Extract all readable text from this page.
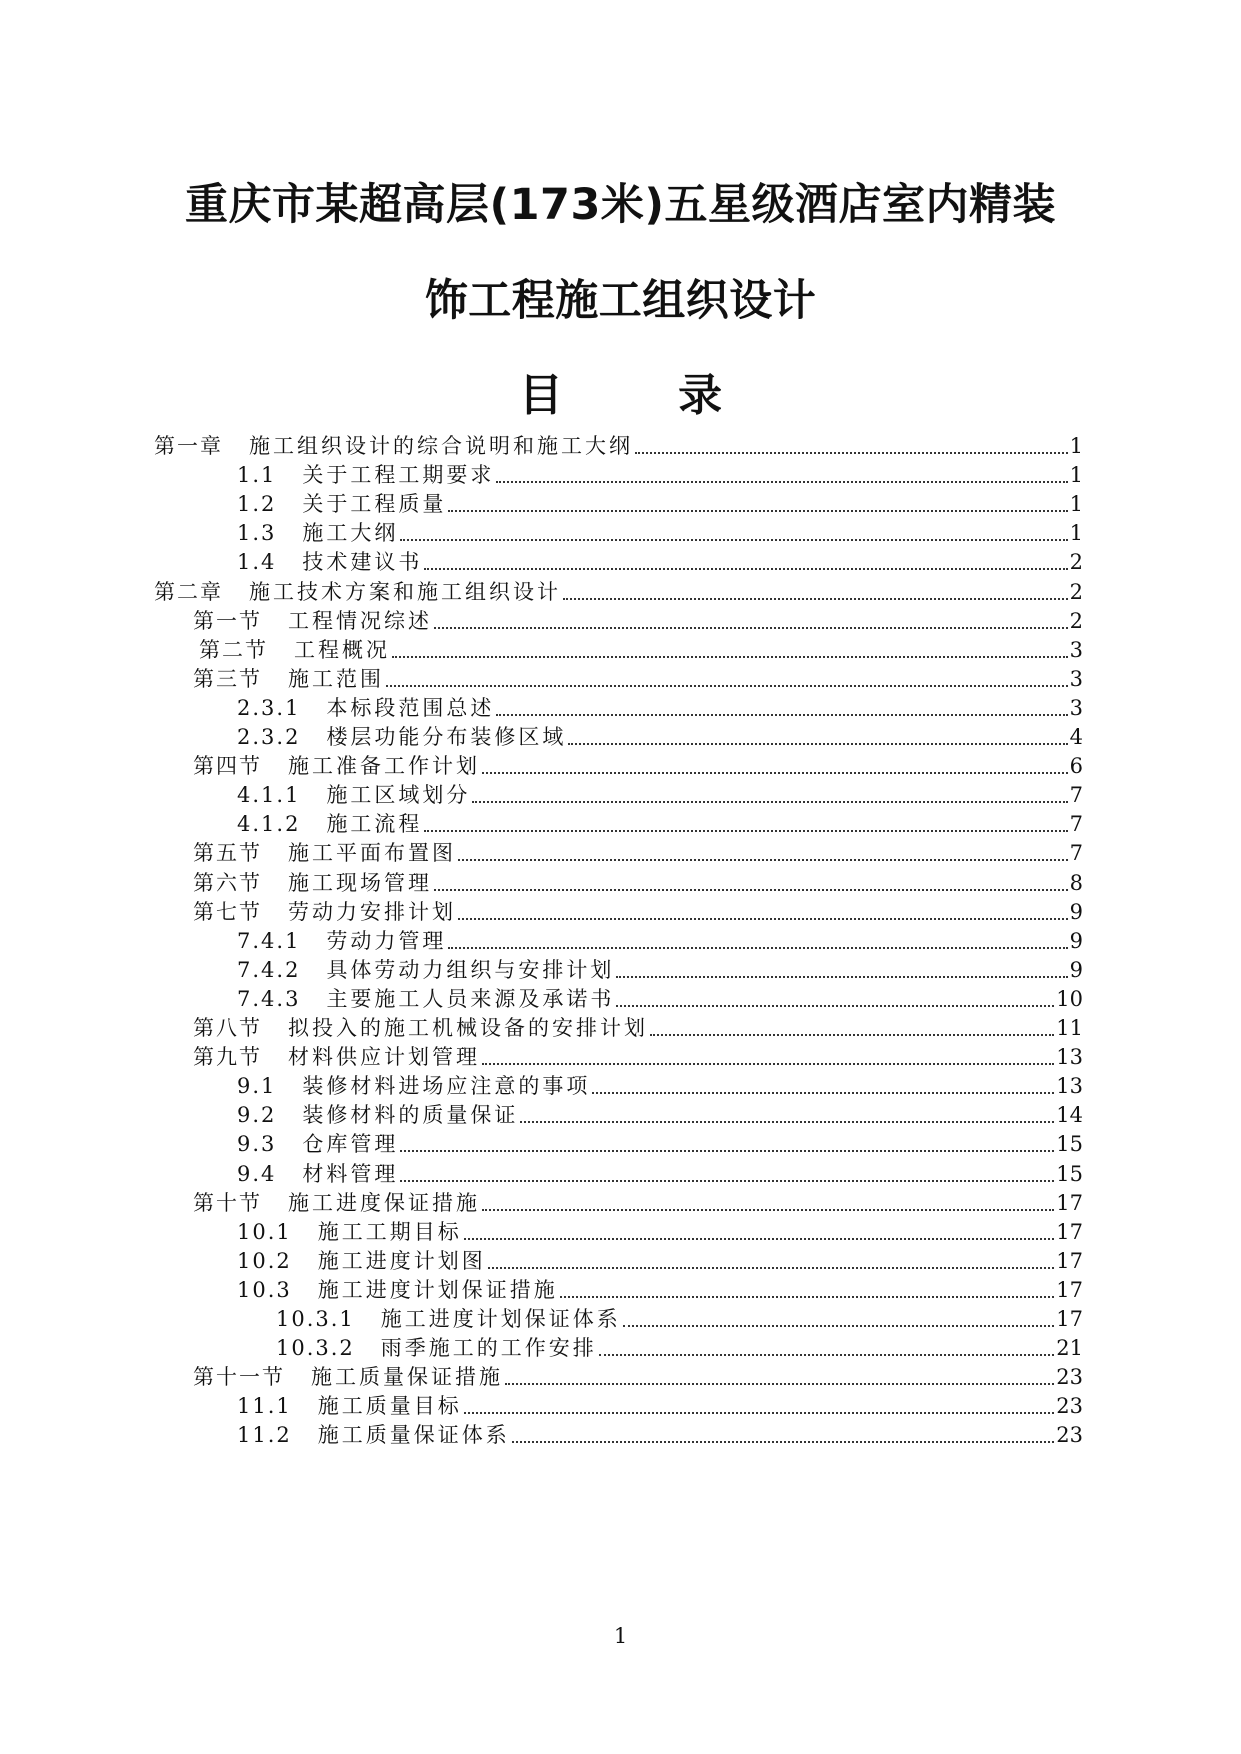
重庆市某超高层(173米)五星级酒店室内精装
饰工程施工组织设计
目 录
第一章 施工组织设计的综合说明和施工大纲	1
1.1 关于工程工期要求	1
1.2 关于工程质量	1
1.3 施工大纲	1
1.4 技术建议书	2
第二章 施工技术方案和施工组织设计	2
第一节 工程情况综述	2
第二节 工程概况	3
第三节 施工范围	3
2.3.1 本标段范围总述	3
2.3.2 楼层功能分布装修区域	4
第四节 施工准备工作计划	6
4.1.1 施工区域划分	7
4.1.2 施工流程	7
第五节 施工平面布置图	7
第六节 施工现场管理	8
第七节 劳动力安排计划	9
7.4.1 劳动力管理	9
7.4.2 具体劳动力组织与安排计划	9
7.4.3 主要施工人员来源及承诺书	10
第八节 拟投入的施工机械设备的安排计划	11
第九节 材料供应计划管理	13
9.1 装修材料进场应注意的事项	13
9.2 装修材料的质量保证	14
9.3 仓库管理	15
9.4 材料管理	15
第十节 施工进度保证措施	17
10.1 施工工期目标	17
10.2 施工进度计划图	17
10.3 施工进度计划保证措施	17
10.3.1 施工进度计划保证体系	17
10.3.2 雨季施工的工作安排	21
第十一节 施工质量保证措施	23
11.1 施工质量目标	23
11.2 施工质量保证体系	23
1
